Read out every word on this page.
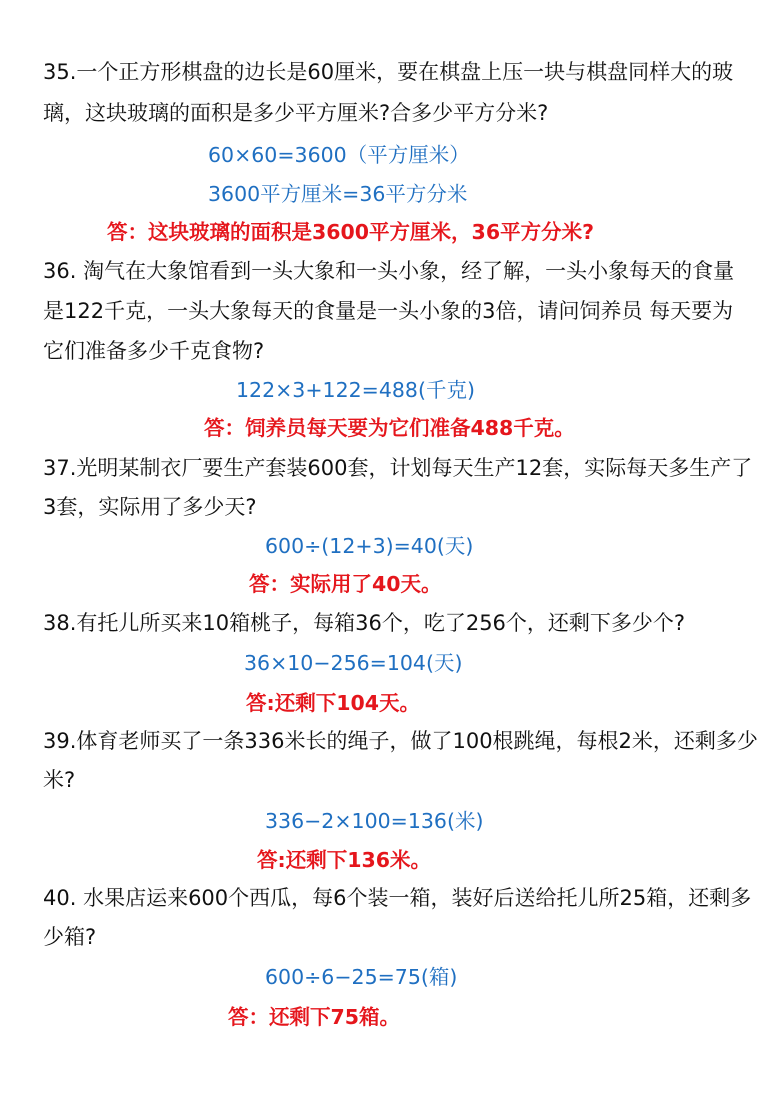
35.一个正方形棋盘的边长是60厘米，要在棋盘上压一块与棋盘同样大的玻
璃，这块玻璃的面积是多少平方厘米?合多少平方分米?
60×60=3600（平方厘米）
3600平方厘米=36平方分米
答：这块玻璃的面积是3600平方厘米，36平方分米?
36. 淘气在大象馆看到一头大象和一头小象，经了解，一头小象每天的食量
是122千克，一头大象每天的食量是一头小象的3倍，请问饲养员 每天要为
它们准备多少千克食物?
122×3+122=488(千克)
答：饲养员每天要为它们准备488千克。
37.光明某制衣厂要生产套装600套，计划每天生产12套，实际每天多生产了
3套，实际用了多少天?
600÷(12+3)=40(天)
答：实际用了40天。
38.有托儿所买来10箱桃子，每箱36个，吃了256个，还剩下多少个?
36×10−256=104(天)
答:还剩下104天。
39.体育老师买了一条336米长的绳子，做了100根跳绳，每根2米，还剩多少
米?
336−2×100=136(米)
答:还剩下136米。
40. 水果店运来600个西瓜，每6个装一箱，装好后送给托儿所25箱，还剩多
少箱?
600÷6−25=75(箱)
答：还剩下75箱。
